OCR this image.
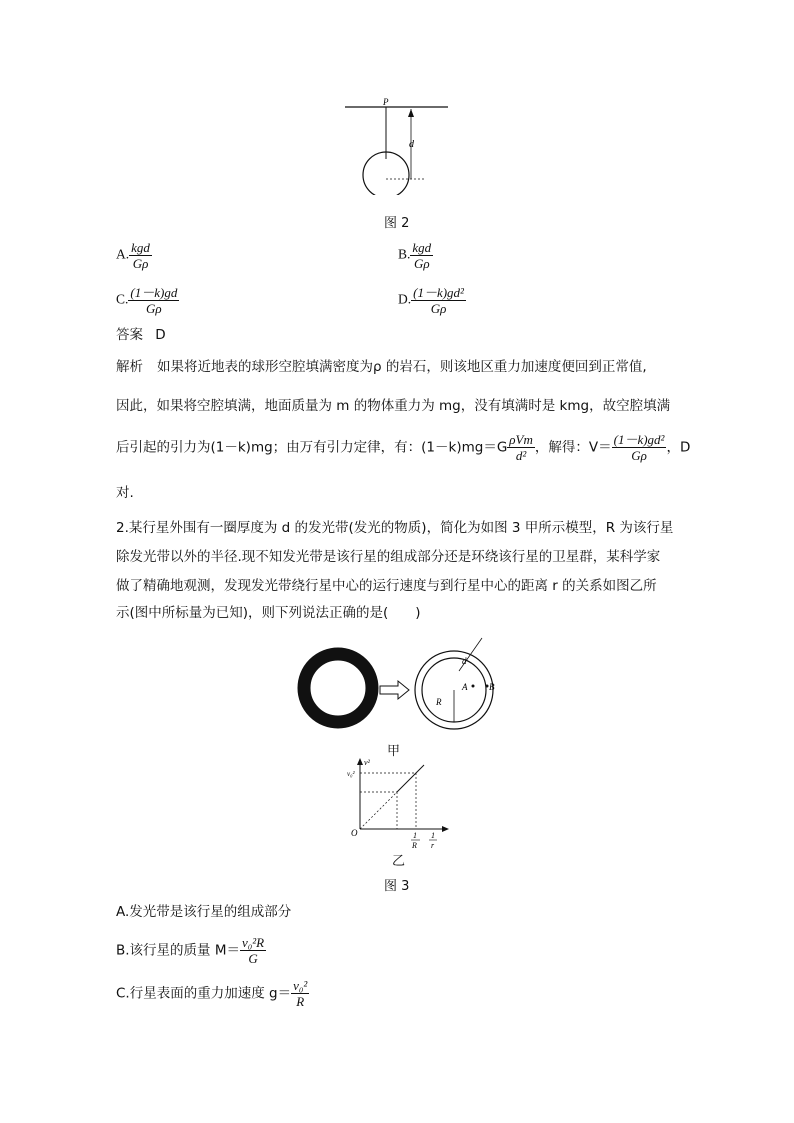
P
d
图 2
A. $\frac{\text{kgd}}{G\rho}$	B. $\frac{\text{kgd}}{G\rho}$
C. $\frac{(1-k)gd}{G\rho}$	D. $\frac{\text{(1－k)gd²}}{G\rho}$
答案 D
解析 如果将近地表的球形空腔填满密度为ρ 的岩石，则该地区重力加速度便回到正常值,
因此，如果将空腔填满，地面质量为 m 的物体重力为 mg，没有填满时是 kmg，故空腔填满
后引起的引力为(1－k)mg；由万有引力定律，有：$(1-k)mg=G \frac{\text{ρVm}}{\text{d²}}$ ，解得：$V= \frac{\text{(1－k)gd²}}{G\rho}$ ，D
对.
2.某行星外围有一圈厚度为 d 的发光带(发光的物质)，简化为如图 3 甲所示模型，R 为该行星
除发光带以外的半径.现不知发光带是该行星的组成部分还是环绕该行星的卫星群，某科学家
做了精确地观测，发现发光带绕行星中心的运行速度与到行星中心的距离 r 的关系如图乙所
示(图中所标量为已知)，则下列说法正确的是(　　)
d
A B
R
甲
v²
v₀²
O	1
R
1
r
乙
图 3
A.发光带是该行星的组成部分
B.该行星的质量 $M= \frac{\text{v₀²R}}{G}$
C.行星表面的重力加速度 $g= \frac{\text{v₀²}}{R}$
